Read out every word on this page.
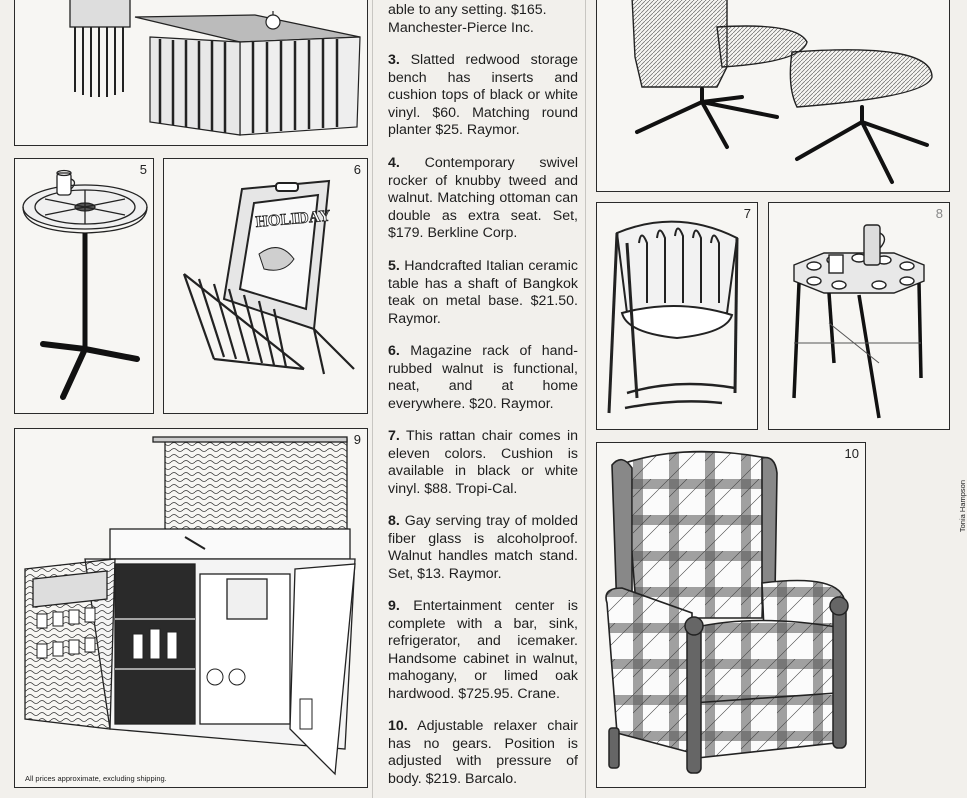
5	6
HOLIDAY
9
All prices approximate, excluding shipping.
able to any setting. $165.
Manchester-Pierce Inc.
3. Slatted redwood storage bench has inserts and cushion tops of black or white vinyl. $60. Matching round planter $25. Raymor.
4. Contemporary swivel rocker of knubby tweed and walnut. Matching ottoman can double as extra seat. Set, $179. Berkline Corp.
5. Handcrafted Italian ceramic table has a shaft of Bangkok teak on metal base. $21.50. Raymor.
6. Magazine rack of hand-rubbed walnut is functional, neat, and at home everywhere. $20. Raymor.
7. This rattan chair comes in eleven colors. Cushion is available in black or white vinyl. $88. Tropi-Cal.
8. Gay serving tray of molded fiber glass is alcoholproof. Walnut handles match stand. Set, $13. Raymor.
9. Entertainment center is complete with a bar, sink, refrigerator, and icemaker. Handsome cabinet in walnut, mahogany, or limed oak hardwood. $725.95. Crane.
10. Adjustable relaxer chair has no gears. Position is adjusted with pressure of body. $219. Barcalo.
7	8
10
Tonia Hampson
